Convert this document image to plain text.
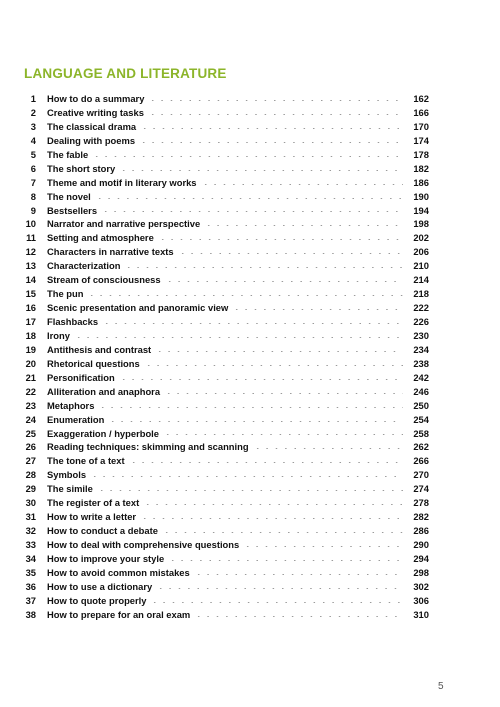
LANGUAGE AND LITERATURE
1 How to do a summary	162
2 Creative writing tasks	166
3 The classical drama	170
4 Dealing with poems	174
5 The fable	178
6 The short story	182
7 Theme and motif in literary works	186
8 The novel	190
9 Bestsellers	194
10 Narrator and narrative perspective	198
11 Setting and atmosphere	202
12 Characters in narrative texts	206
13 Characterization	210
14 Stream of consciousness	214
15 The pun	218
16 Scenic presentation and panoramic view	222
17 Flashbacks	226
18 Irony	230
19 Antithesis and contrast	234
20 Rhetorical questions	238
21 Personification	242
22 Alliteration and anaphora	246
23 Metaphors	250
24 Enumeration	254
25 Exaggeration / hyperbole	258
26 Reading techniques: skimming and scanning	262
27 The tone of a text	266
28 Symbols	270
29 The simile	274
30 The register of a text	278
31 How to write a letter	282
32 How to conduct a debate	286
33 How to deal with comprehensive questions	290
34 How to improve your style	294
35 How to avoid common mistakes	298
36 How to use a dictionary	302
37 How to quote properly	306
38 How to prepare for an oral exam	310
5
